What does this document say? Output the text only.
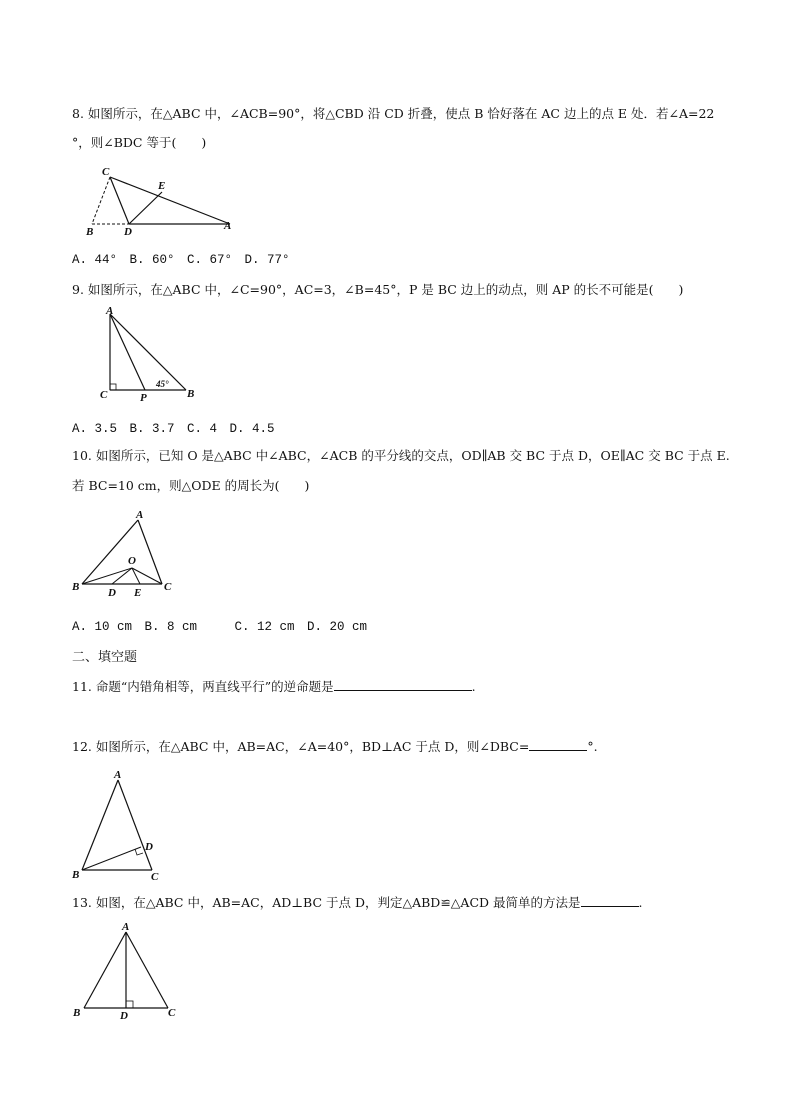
8. 如图所示，在△ABC 中，∠ACB=90°，将△CBD 沿 CD 折叠，使点 B 恰好落在 AC 边上的点 E 处．若∠A=22
°，则∠BDC 等于(　　)
C
E
B	D	A
A. 44°　B. 60°　C. 67°　D. 77°
9. 如图所示，在△ABC 中，∠C=90°，AC=3，∠B=45°，P 是 BC 边上的动点，则 AP 的长不可能是(　　)
A
C	P	B
45°
A. 3.5　B. 3.7　C. 4　D. 4.5
10. 如图所示，已知 O 是△ABC 中∠ABC，∠ACB 的平分线的交点，OD∥AB 交 BC 于点 D，OE∥AC 交 BC 于点 E.
若 BC=10 cm，则△ODE 的周长为(　　)
A
O
B	D E C
A. 10 cm　B. 8 cm　　　C. 12 cm　D. 20 cm
二、填空题
11. 命题“内错角相等，两直线平行”的逆命题是	.
12. 如图所示，在△ABC 中，AB=AC，∠A=40°，BD⊥AC 于点 D，则∠DBC=	°.
A
D
B	C
13. 如图，在△ABC 中，AB=AC，AD⊥BC 于点 D，判定△ABD≌△ACD 最简单的方法是	.
A
B	D	C
